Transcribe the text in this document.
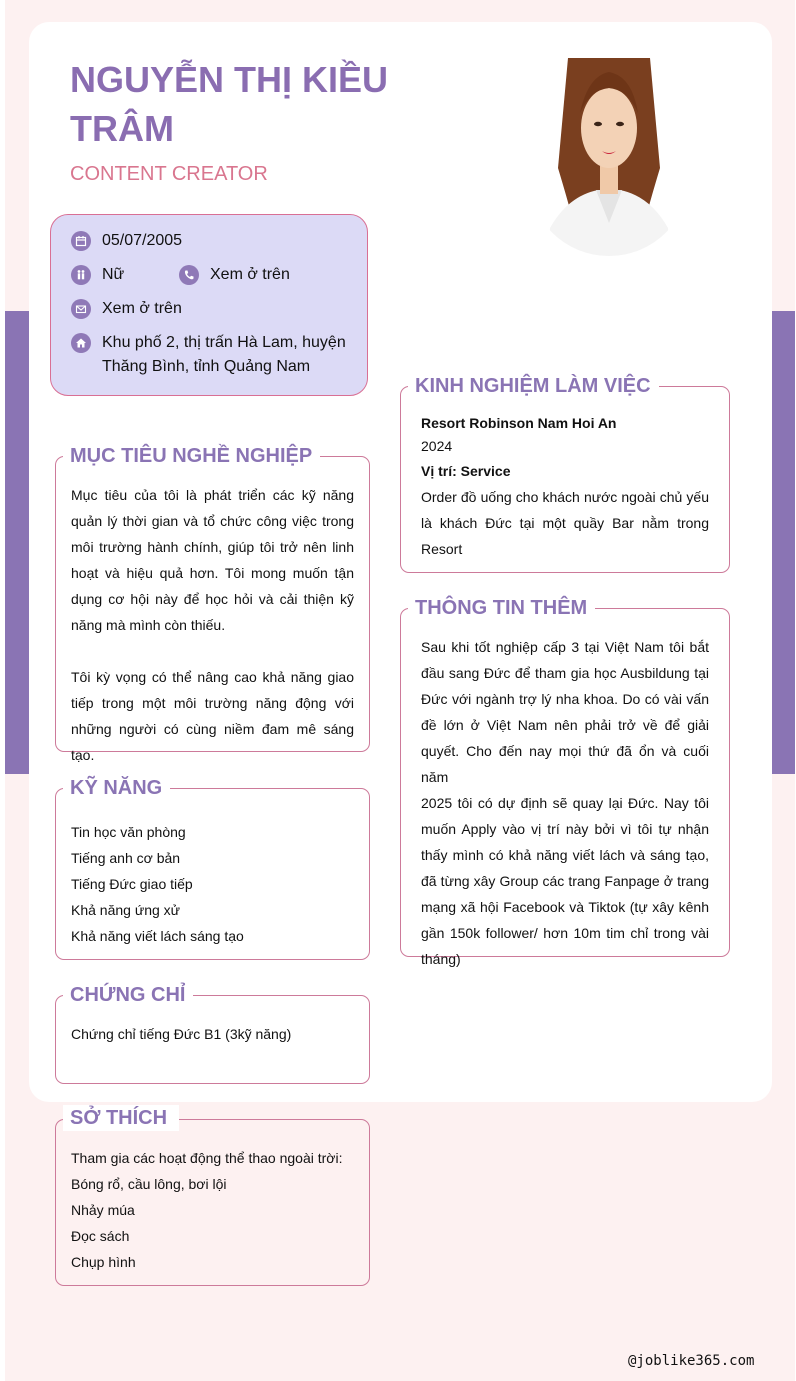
NGUYỄN THỊ KIỀU
TRÂM
CONTENT CREATOR
05/07/2005
Nữ	Xem ở trên
Xem ở trên
Khu phố 2, thị trấn Hà Lam, huyện
Thăng Bình, tỉnh Quảng Nam
MỤC TIÊU NGHỀ NGHIỆP
Mục tiêu của tôi là phát triển các kỹ năng
quản lý thời gian và tổ chức công việc trong
môi trường hành chính, giúp tôi trở nên linh
hoạt và hiệu quả hơn. Tôi mong muốn tận
dụng cơ hội này để học hỏi và cải thiện kỹ
năng mà mình còn thiếu.
Tôi kỳ vọng có thể nâng cao khả năng giao
tiếp trong một môi trường năng động với
những người có cùng niềm đam mê sáng tạo.
KỸ NĂNG
Tin học văn phòng
Tiếng anh cơ bản
Tiếng Đức giao tiếp
Khả năng ứng xử
Khả năng viết lách sáng tạo
CHỨNG CHỈ
Chứng chỉ tiếng Đức B1 (3kỹ năng)
SỞ THÍCH
Tham gia các hoạt động thể thao ngoài trời:
Bóng rổ, cầu lông, bơi lội
Nhảy múa
Đọc sách
Chụp hình
KINH NGHIỆM LÀM VIỆC
Resort Robinson Nam Hoi An
2024
Vị trí: Service
Order đồ uống cho khách nước ngoài chủ yếu
là khách Đức tại một quầy Bar nằm trong
Resort
THÔNG TIN THÊM
Sau khi tốt nghiệp cấp 3 tại Việt Nam tôi bắt
đầu sang Đức để tham gia học Ausbildung tại
Đức với ngành trợ lý nha khoa. Do có vài vấn
đề lớn ở Việt Nam nên phải trở về để giải
quyết. Cho đến nay mọi thứ đã ổn và cuối năm
2025 tôi có dự định sẽ quay lại Đức. Nay tôi
muốn Apply vào vị trí này bởi vì tôi tự nhận
thấy mình có khả năng viết lách và sáng tạo,
đã từng xây Group các trang Fanpage ở trang
mạng xã hội Facebook và Tiktok (tự xây kênh
gần 150k follower/ hơn 10m tim chỉ trong vài
tháng)
@joblike365.com
